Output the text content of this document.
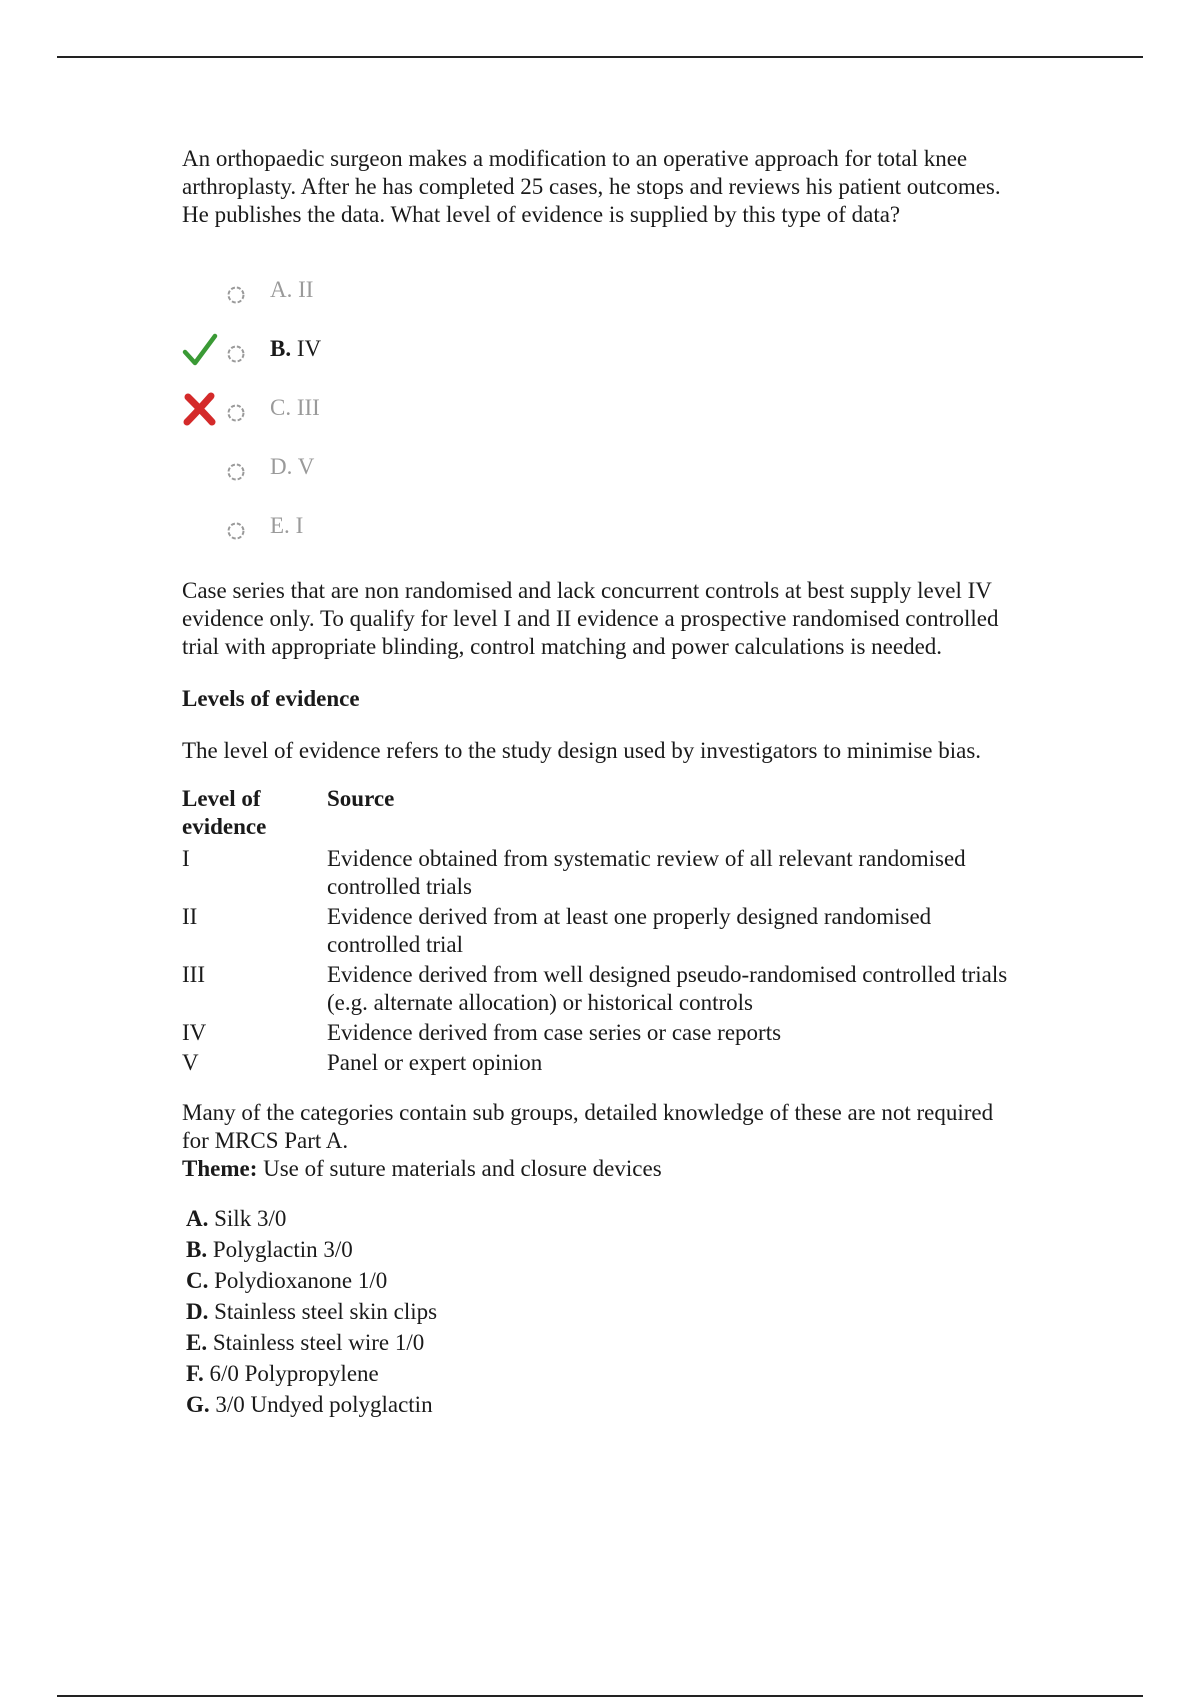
An orthopaedic surgeon makes a modification to an operative approach for total knee arthroplasty. After he has completed 25 cases, he stops and reviews his patient outcomes. He publishes the data. What level of evidence is supplied by this type of data?

A. II
B. IV
C. III
D. V
E. I

Case series that are non randomised and lack concurrent controls at best supply level IV evidence only. To qualify for level I and II evidence a prospective randomised controlled trial with appropriate blinding, control matching and power calculations is needed.

Levels of evidence

The level of evidence refers to the study design used by investigators to minimise bias.

Level of evidence	Source
I	Evidence obtained from systematic review of all relevant randomised controlled trials
II	Evidence derived from at least one properly designed randomised controlled trial
III	Evidence derived from well designed pseudo-randomised controlled trials (e.g. alternate allocation) or historical controls
IV	Evidence derived from case series or case reports
V	Panel or expert opinion

Many of the categories contain sub groups, detailed knowledge of these are not required for MRCS Part A.

Theme: Use of suture materials and closure devices

A. Silk 3/0
B. Polyglactin 3/0
C. Polydioxanone 1/0
D. Stainless steel skin clips
E. Stainless steel wire 1/0
F. 6/0 Polypropylene
G. 3/0 Undyed polyglactin
